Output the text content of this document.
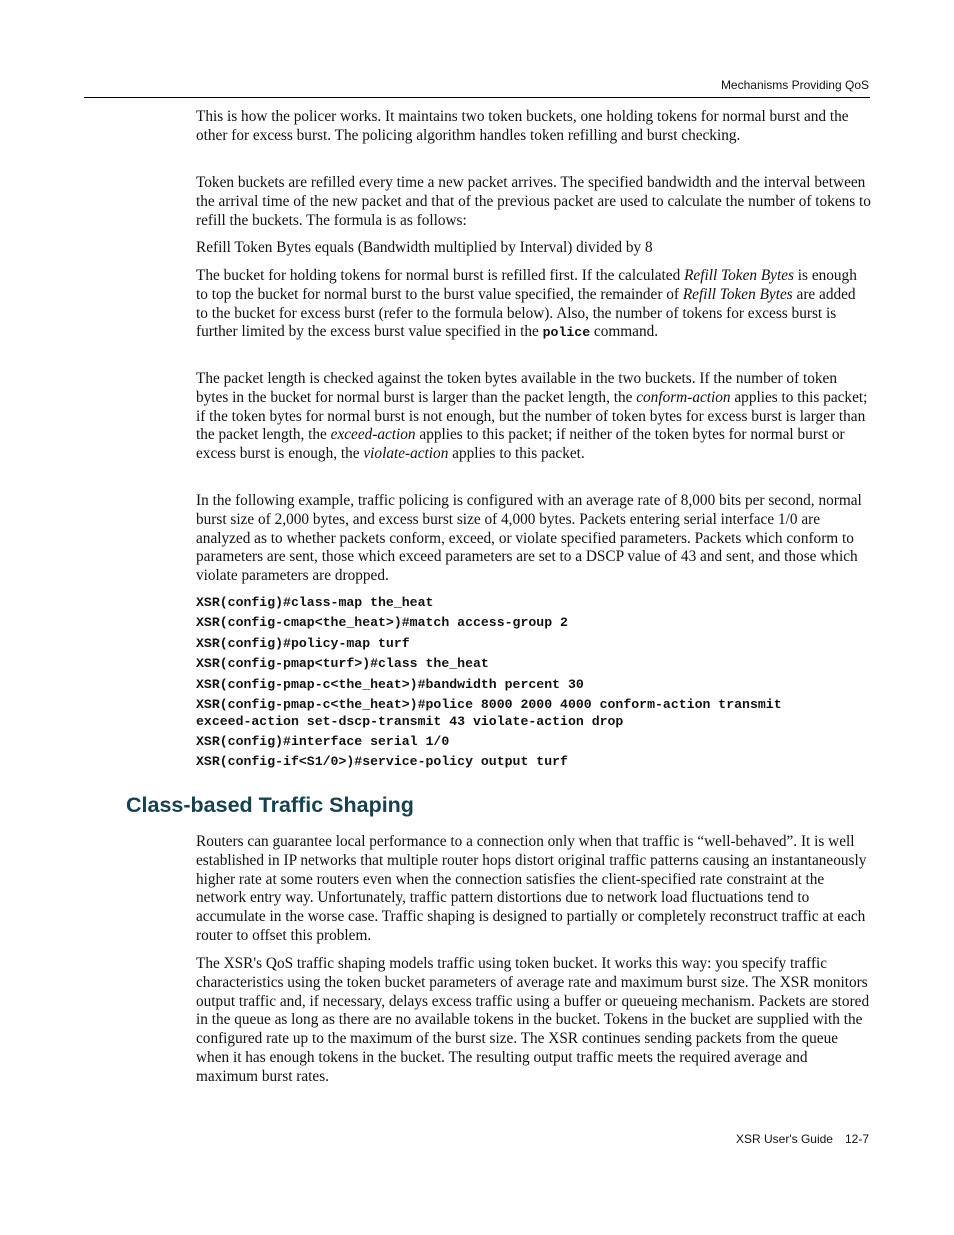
Mechanisms Providing QoS

This is how the policer works. It maintains two token buckets, one holding tokens for normal burst and the other for excess burst. The policing algorithm handles token refilling and burst checking.

Token buckets are refilled every time a new packet arrives. The specified bandwidth and the interval between the arrival time of the new packet and that of the previous packet are used to calculate the number of tokens to refill the buckets. The formula is as follows:

Refill Token Bytes equals (Bandwidth multiplied by Interval) divided by 8

The bucket for holding tokens for normal burst is refilled first. If the calculated Refill Token Bytes is enough to top the bucket for normal burst to the burst value specified, the remainder of Refill Token Bytes are added to the bucket for excess burst (refer to the formula below). Also, the number of tokens for excess burst is further limited by the excess burst value specified in the police command.

The packet length is checked against the token bytes available in the two buckets. If the number of token bytes in the bucket for normal burst is larger than the packet length, the conform-action applies to this packet; if the token bytes for normal burst is not enough, but the number of token bytes for excess burst is larger than the packet length, the exceed-action applies to this packet; if neither of the token bytes for normal burst or excess burst is enough, the violate-action applies to this packet.

In the following example, traffic policing is configured with an average rate of 8,000 bits per second, normal burst size of 2,000 bytes, and excess burst size of 4,000 bytes. Packets entering serial interface 1/0 are analyzed as to whether packets conform, exceed, or violate specified parameters. Packets which conform to parameters are sent, those which exceed parameters are set to a DSCP value of 43 and sent, and those which violate parameters are dropped.

XSR(config)#class-map the_heat
XSR(config-cmap<the_heat>)#match access-group 2
XSR(config)#policy-map turf
XSR(config-pmap<turf>)#class the_heat
XSR(config-pmap-c<the_heat>)#bandwidth percent 30
XSR(config-pmap-c<the_heat>)#police 8000 2000 4000 conform-action transmit
exceed-action set-dscp-transmit 43 violate-action drop
XSR(config)#interface serial 1/0
XSR(config-if<S1/0>)#service-policy output turf
Class-based Traffic Shaping

Routers can guarantee local performance to a connection only when that traffic is “well-behaved”. It is well established in IP networks that multiple router hops distort original traffic patterns causing an instantaneously higher rate at some routers even when the connection satisfies the client-specified rate constraint at the network entry way. Unfortunately, traffic pattern distortions due to network load fluctuations tend to accumulate in the worse case. Traffic shaping is designed to partially or completely reconstruct traffic at each router to offset this problem.

The XSR's QoS traffic shaping models traffic using token bucket. It works this way: you specify traffic characteristics using the token bucket parameters of average rate and maximum burst size. The XSR monitors output traffic and, if necessary, delays excess traffic using a buffer or queueing mechanism. Packets are stored in the queue as long as there are no available tokens in the bucket. Tokens in the bucket are supplied with the configured rate up to the maximum of the burst size. The XSR continues sending packets from the queue when it has enough tokens in the bucket. The resulting output traffic meets the required average and maximum burst rates.

XSR User's Guide 12-7
